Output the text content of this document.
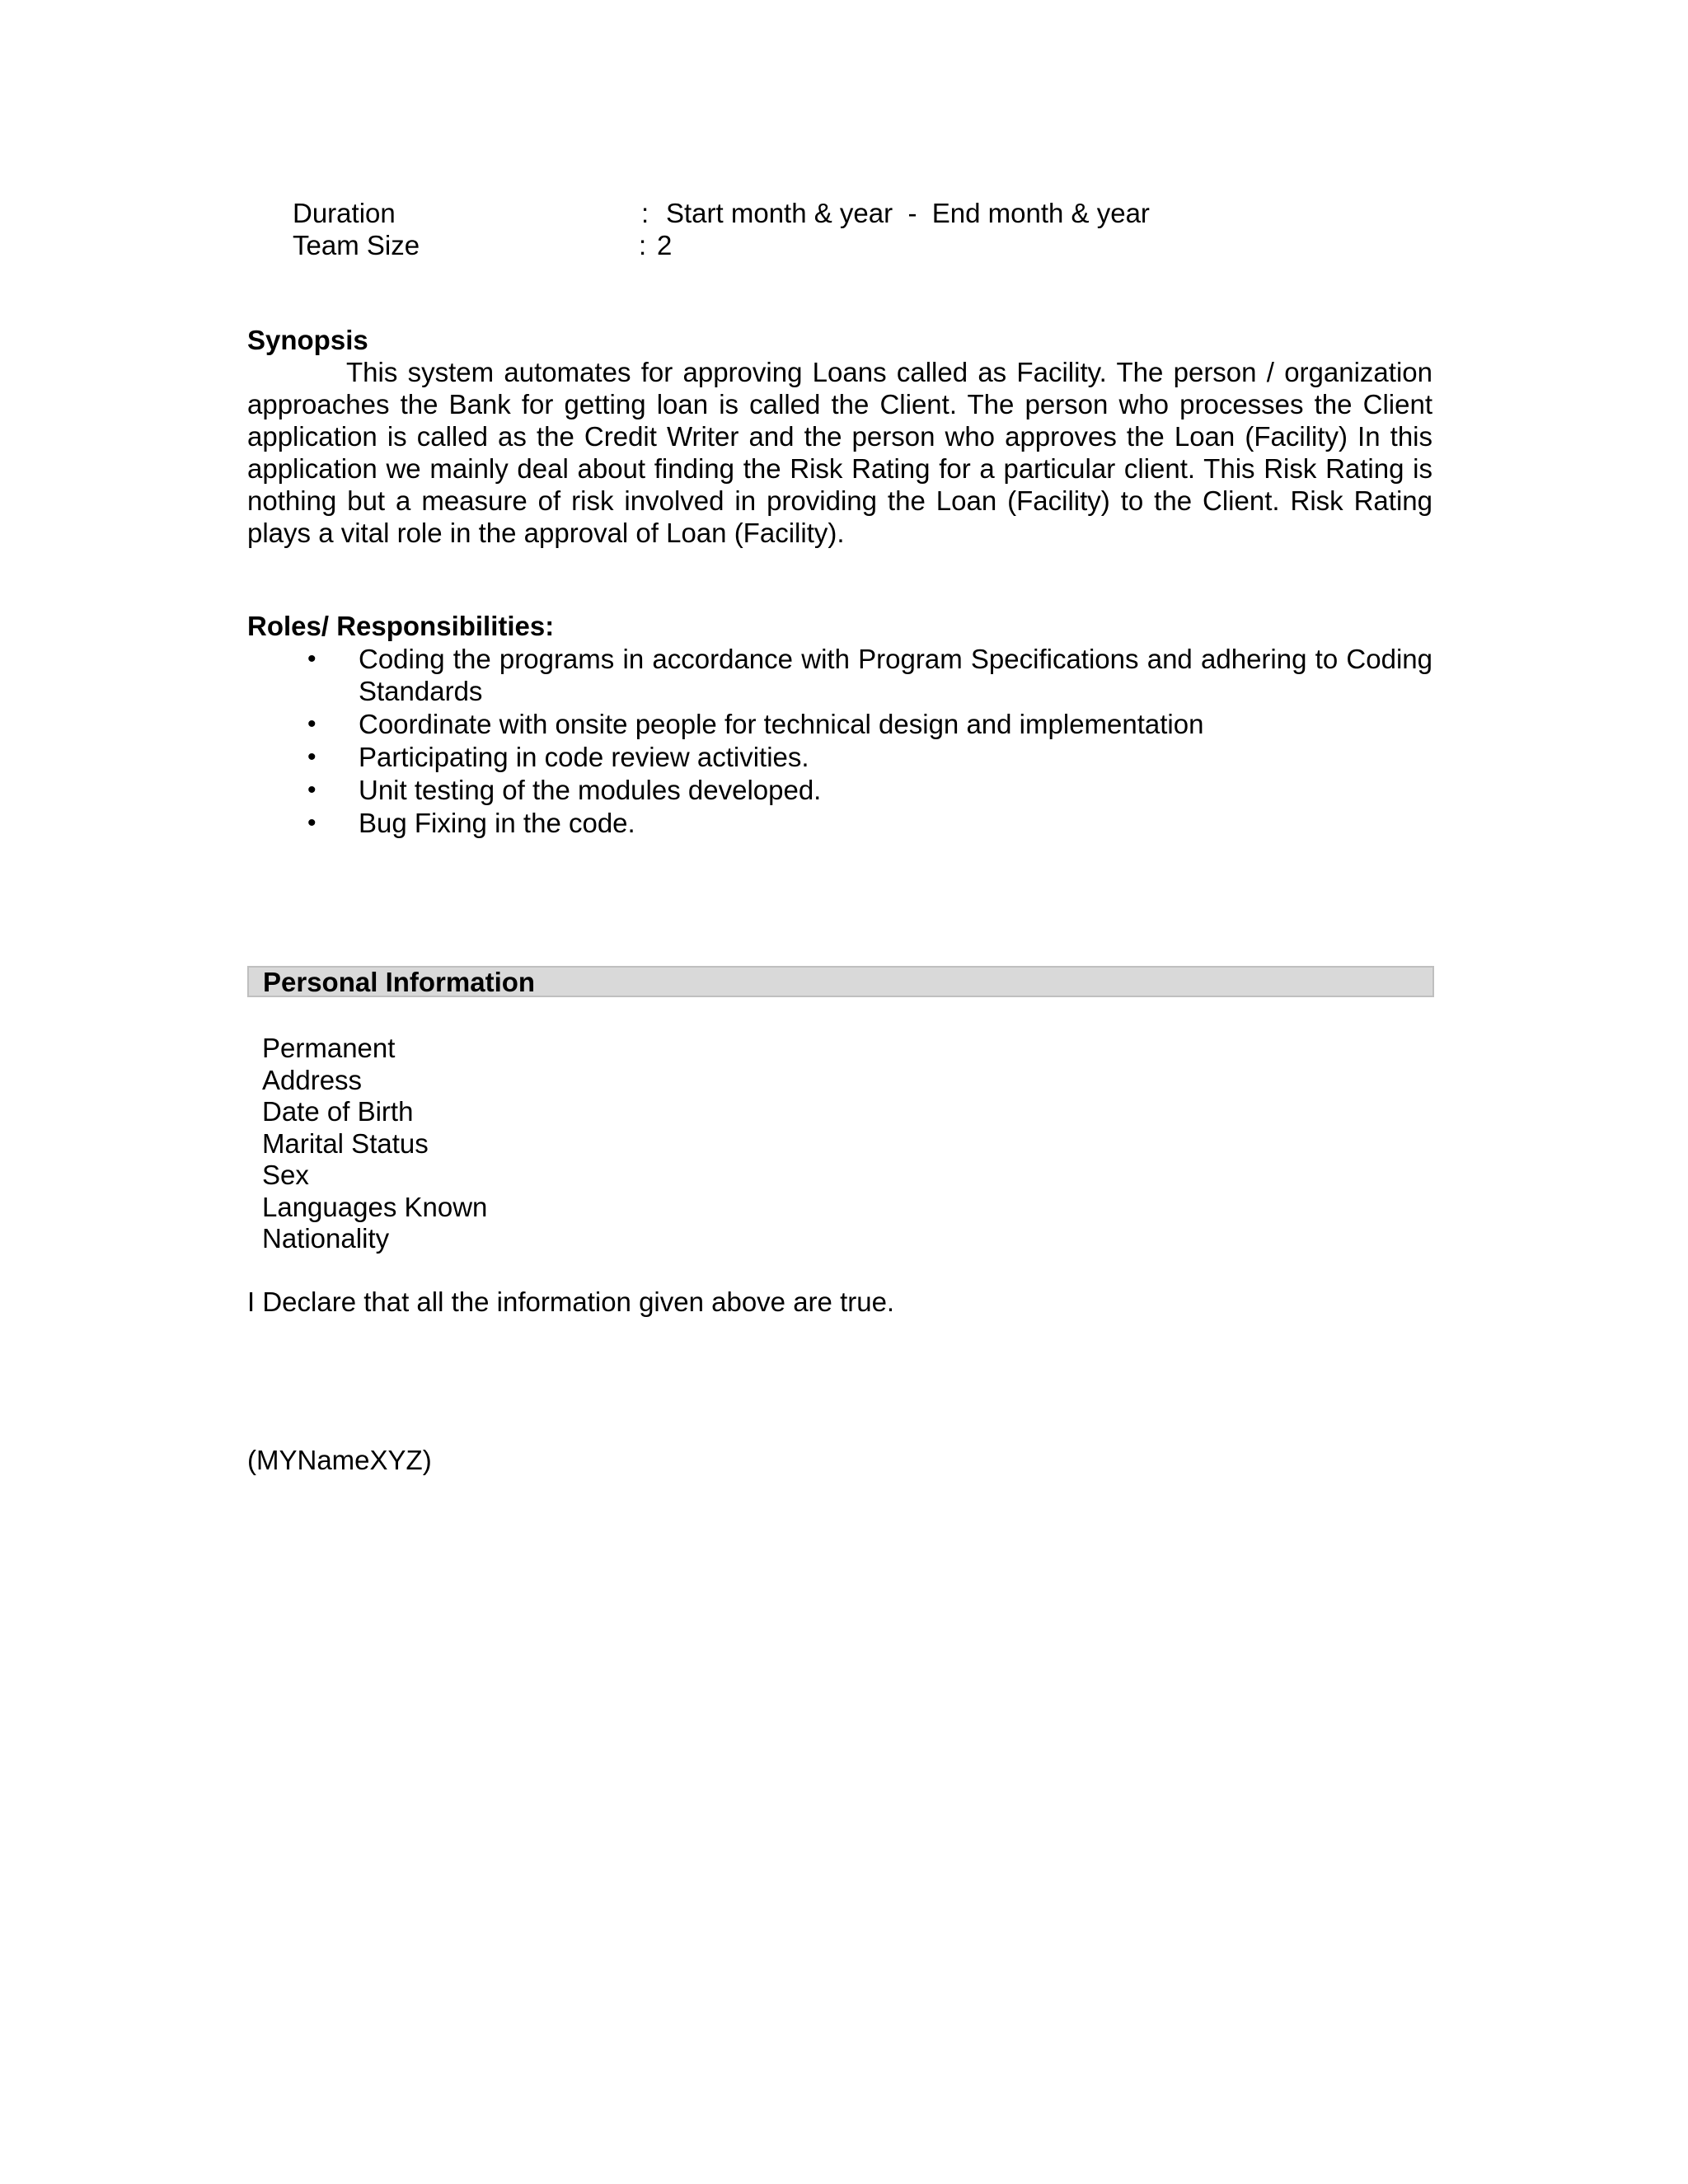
Duration	: Start month & year  -  End month & year
Team Size	: 2
Synopsis
This system automates for approving Loans called as Facility. The person / organization approaches the Bank for getting loan is called the Client. The person who processes the Client application is called as the Credit Writer and the person who approves the Loan (Facility) In this application we mainly deal about finding the Risk Rating for a particular client. This Risk Rating is nothing but a measure of risk involved in providing the Loan (Facility) to the Client. Risk Rating plays a vital role in the approval of Loan (Facility).
Roles/ Responsibilities:
• Coding the programs in accordance with Program Specifications and adhering to Coding Standards
• Coordinate with onsite people for technical design and implementation
• Participating in code review activities.
• Unit testing of the modules developed.
• Bug Fixing in the code.
Personal Information
Permanent
Address
Date of Birth
Marital Status
Sex
Languages Known
Nationality
I Declare that all the information given above are true.
(MYNameXYZ)
